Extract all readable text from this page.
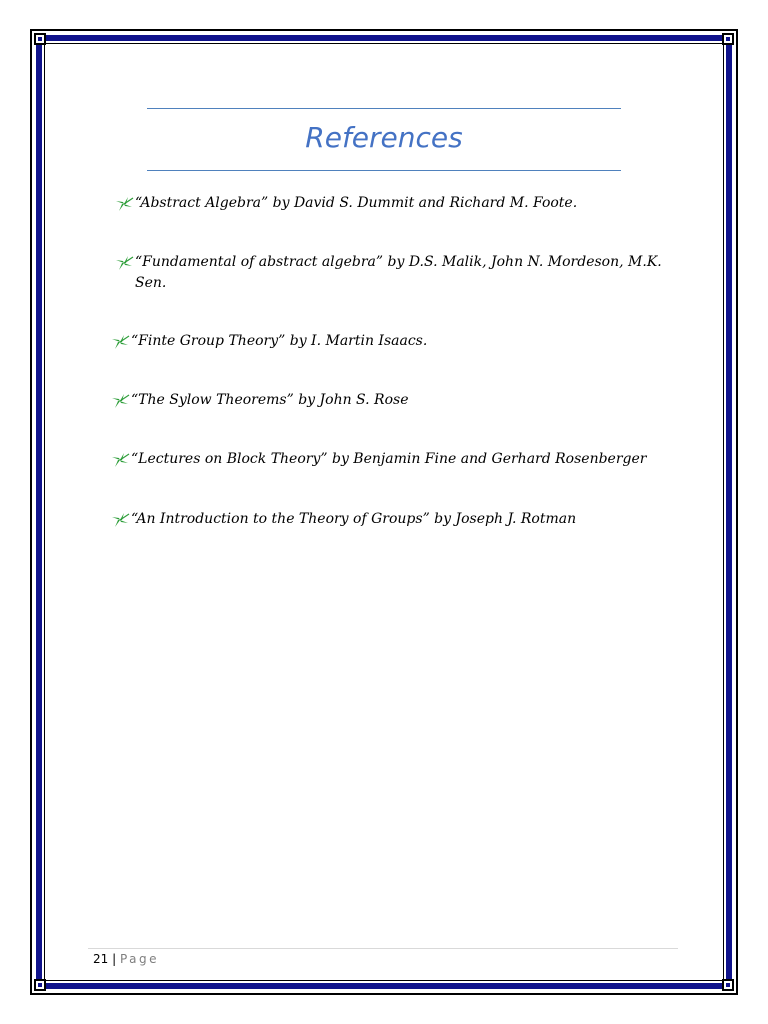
References
“Abstract Algebra” by David S. Dummit and Richard M. Foote.
“Fundamental of abstract algebra” by D.S. Malik, John N. Mordeson, M.K. Sen.
“Finte Group Theory” by I. Martin Isaacs.
“The Sylow Theorems” by John S. Rose
“Lectures on Block Theory” by Benjamin Fine and Gerhard Rosenberger
“An Introduction to the Theory of Groups” by Joseph J. Rotman
21 | Page
